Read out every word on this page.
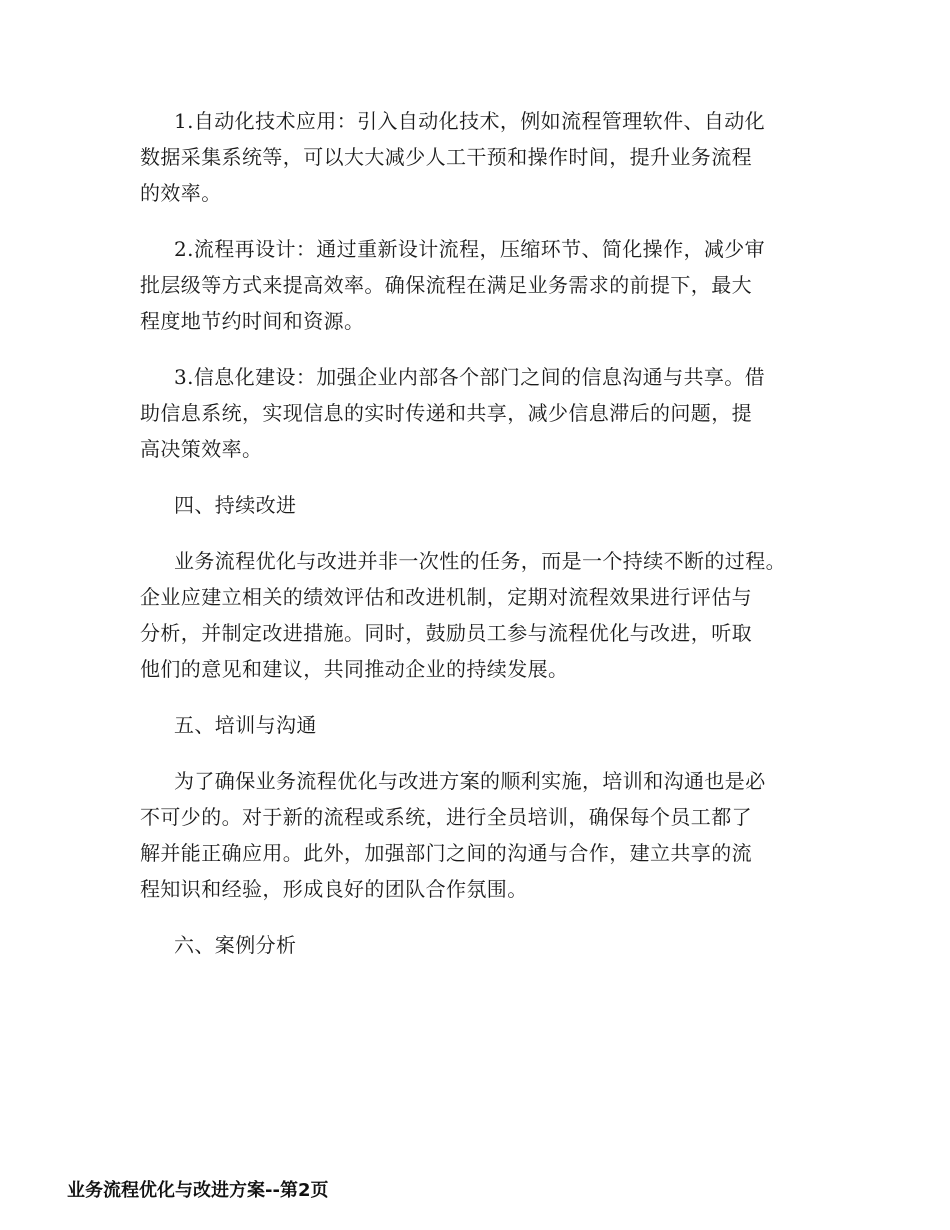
1.自动化技术应用：引入自动化技术，例如流程管理软件、自动化
数据采集系统等，可以大大减少人工干预和操作时间，提升业务流程
的效率。

2.流程再设计：通过重新设计流程，压缩环节、简化操作，减少审
批层级等方式来提高效率。确保流程在满足业务需求的前提下，最大
程度地节约时间和资源。

3.信息化建设：加强企业内部各个部门之间的信息沟通与共享。借
助信息系统，实现信息的实时传递和共享，减少信息滞后的问题，提
高决策效率。

四、持续改进

业务流程优化与改进并非一次性的任务，而是一个持续不断的过程。
企业应建立相关的绩效评估和改进机制，定期对流程效果进行评估与
分析，并制定改进措施。同时，鼓励员工参与流程优化与改进，听取
他们的意见和建议，共同推动企业的持续发展。

五、培训与沟通

为了确保业务流程优化与改进方案的顺利实施，培训和沟通也是必
不可少的。对于新的流程或系统，进行全员培训，确保每个员工都了
解并能正确应用。此外，加强部门之间的沟通与合作，建立共享的流
程知识和经验，形成良好的团队合作氛围。

六、案例分析

业务流程优化与改进方案--第2页
